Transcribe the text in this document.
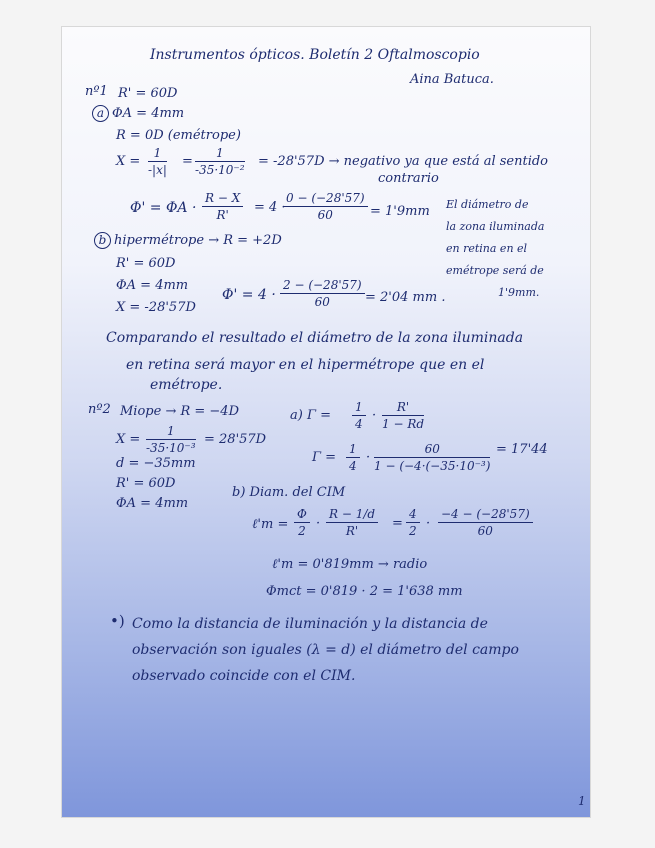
Instrumentos ópticos. Boletín 2 Oftalmoscopio
Aina Batuca.
nº1 R' = 60D
a ΦA = 4mm
R = 0D (emétrope)
$X = \frac{1}{-|x|} = \frac{1}{\text{-35·10⁻²}} = -28'57D$ → negativo ya que está al sentido
contrario
$\Phi' = \Phi A \cdot \frac{R - X}{R'} = 4$ ·
$\frac{0 - (-28'57)}{60} = 1'9mm$ El diámetro de
la zona iluminada
en retina en el
emétrope será de
1'9mm.
b hipermétrope → R = +2D
R' = 60D
ΦA = 4mm
X = -28'57D
$\Phi' = 4 \cdot \frac{2 - (-28'57)}{60} = 2'04$ mm .
Comparando el resultado el diámetro de la zona iluminada
en retina será mayor en el hipermétrope que en el
emétrope.
nº2 Miope → R = −4D
$X = \frac{1}{\text{-35·10⁻³}} = 28'57D$
d = −35mm
R' = 60D
ΦA = 4mm
a) $\Gamma = \frac{1}{4} \cdot \frac{R'}{1 - Rd}$
$\Gamma = \frac{1}{4} \cdot \frac{60}{\text{1 − (−4·(−35·10⁻³)}} = 17'44$
b) Diam. del CIM
ℓ'm = $\frac{\Phi}{2} \cdot \frac{R - 1/d}{R'} = \frac{4}{2} \cdot \frac{-4 - (-28'57)}{60}$
ℓ'm = 0'819mm → radio
Φmct = 0'819 · 2 = 1'638 mm
•) Como la distancia de iluminación y la distancia de
observación son iguales (λ = d) el diámetro del campo
observado coincide con el CIM.
1
